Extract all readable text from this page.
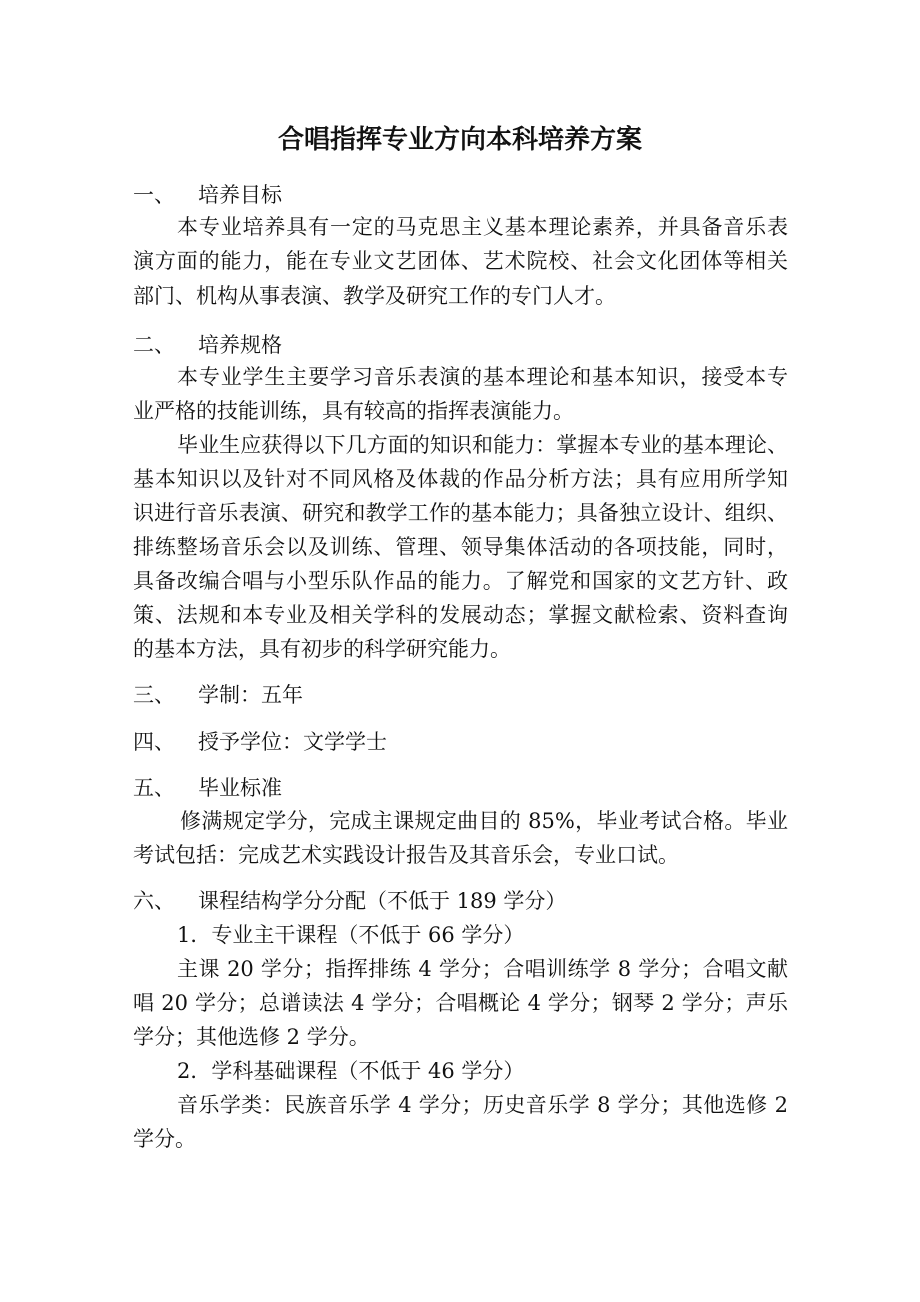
合唱指挥专业方向本科培养方案
一、 培养目标
本专业培养具有一定的马克思主义基本理论素养，并具备音乐表
演方面的能力，能在专业文艺团体、艺术院校、社会文化团体等相关
部门、机构从事表演、教学及研究工作的专门人才。
二、 培养规格
本专业学生主要学习音乐表演的基本理论和基本知识，接受本专
业严格的技能训练，具有较高的指挥表演能力。
毕业生应获得以下几方面的知识和能力：掌握本专业的基本理论、
基本知识以及针对不同风格及体裁的作品分析方法；具有应用所学知
识进行音乐表演、研究和教学工作的基本能力；具备独立设计、组织、
排练整场音乐会以及训练、管理、领导集体活动的各项技能，同时，
具备改编合唱与小型乐队作品的能力。了解党和国家的文艺方针、政
策、法规和本专业及相关学科的发展动态；掌握文献检索、资料查询
的基本方法，具有初步的科学研究能力。
三、 学制：五年
四、 授予学位：文学学士
五、 毕业标准
修满规定学分，完成主课规定曲目的 85%，毕业考试合格。毕业
考试包括：完成艺术实践设计报告及其音乐会，专业口试。
六、 课程结构学分分配（不低于 189 学分）
1．专业主干课程（不低于 66 学分）
主课 20 学分；指挥排练 4 学分；合唱训练学 8 学分；合唱文献
唱 20 学分；总谱读法 4 学分；合唱概论 4 学分；钢琴 2 学分；声乐
学分；其他选修 2 学分。
2．学科基础课程（不低于 46 学分）
音乐学类：民族音乐学 4 学分；历史音乐学 8 学分；其他选修 2
学分。
